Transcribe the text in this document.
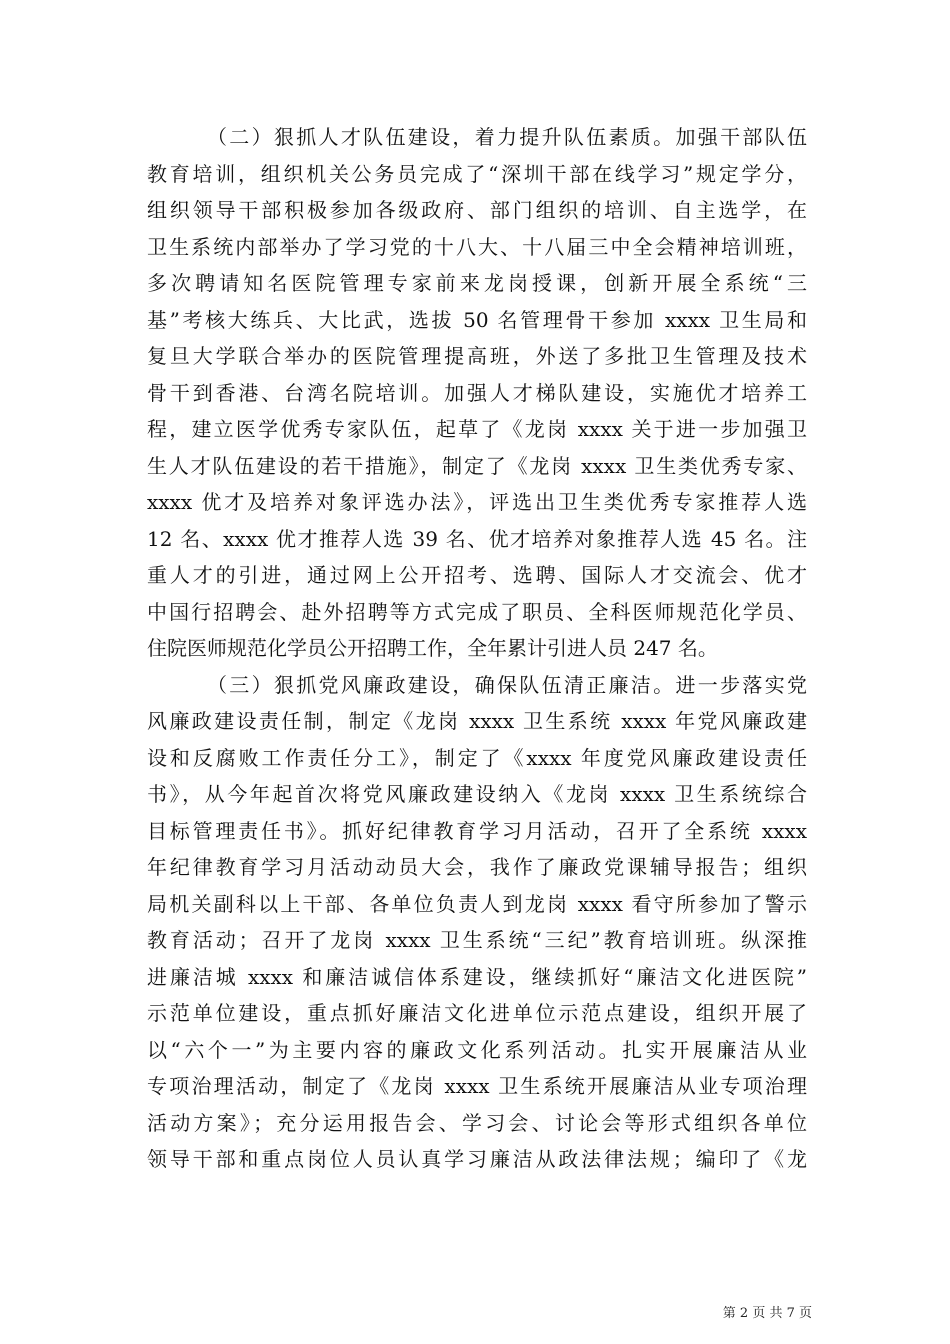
（二）狠抓人才队伍建设，着力提升队伍素质。加强干部队伍
教育培训，组织机关公务员完成了“深圳干部在线学习”规定学分，
组织领导干部积极参加各级政府、部门组织的培训、自主选学，在
卫生系统内部举办了学习党的十八大、十八届三中全会精神培训班，
多次聘请知名医院管理专家前来龙岗授课，创新开展全系统“三
基”考核大练兵、大比武，选拔 50 名管理骨干参加 xxxx 卫生局和
复旦大学联合举办的医院管理提高班，外送了多批卫生管理及技术
骨干到香港、台湾名院培训。加强人才梯队建设，实施优才培养工
程，建立医学优秀专家队伍，起草了《龙岗 xxxx 关于进一步加强卫
生人才队伍建设的若干措施》，制定了《龙岗 xxxx 卫生类优秀专家、
xxxx 优才及培养对象评选办法》，评选出卫生类优秀专家推荐人选
12 名、xxxx 优才推荐人选 39 名、优才培养对象推荐人选 45 名。注
重人才的引进，通过网上公开招考、选聘、国际人才交流会、优才
中国行招聘会、赴外招聘等方式完成了职员、全科医师规范化学员、
住院医师规范化学员公开招聘工作，全年累计引进人员 247 名。
（三）狠抓党风廉政建设，确保队伍清正廉洁。进一步落实党
风廉政建设责任制，制定《龙岗 xxxx 卫生系统 xxxx 年党风廉政建
设和反腐败工作责任分工》，制定了《xxxx 年度党风廉政建设责任
书》，从今年起首次将党风廉政建设纳入《龙岗 xxxx 卫生系统综合
目标管理责任书》。抓好纪律教育学习月活动，召开了全系统 xxxx
年纪律教育学习月活动动员大会，我作了廉政党课辅导报告；组织
局机关副科以上干部、各单位负责人到龙岗 xxxx 看守所参加了警示
教育活动；召开了龙岗 xxxx 卫生系统“三纪”教育培训班。纵深推
进廉洁城 xxxx 和廉洁诚信体系建设，继续抓好“廉洁文化进医院”
示范单位建设，重点抓好廉洁文化进单位示范点建设，组织开展了
以“六个一”为主要内容的廉政文化系列活动。扎实开展廉洁从业
专项治理活动，制定了《龙岗 xxxx 卫生系统开展廉洁从业专项治理
活动方案》；充分运用报告会、学习会、讨论会等形式组织各单位
领导干部和重点岗位人员认真学习廉洁从政法律法规；编印了《龙
第 2 页 共 7 页
